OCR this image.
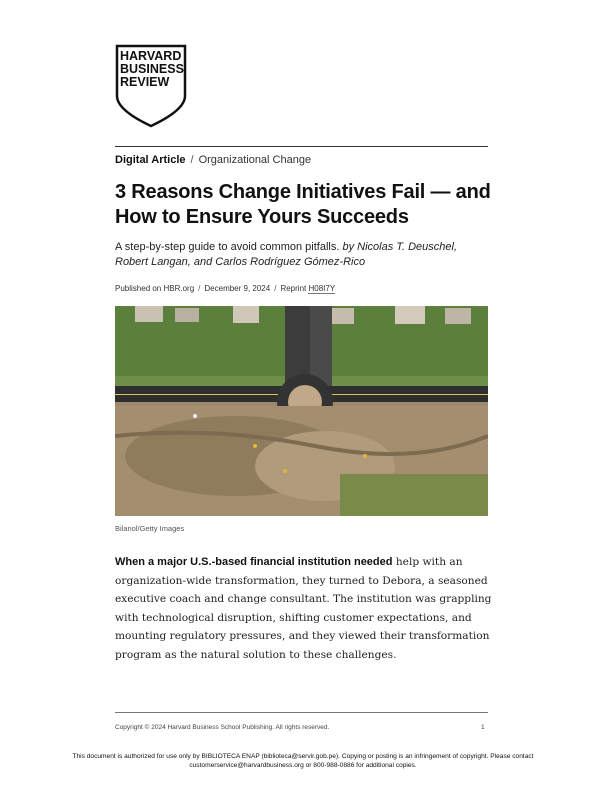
HARVARD
BUSINESS
REVIEW
Digital Article / Organizational Change
3 Reasons Change Initiatives Fail — and How to Ensure Yours Succeeds
A step-by-step guide to avoid common pitfalls. by Nicolas T. Deuschel, Robert Langan, and Carlos Rodríguez Gómez-Rico
Published on HBR.org / December 9, 2024 / Reprint H08I7Y
Bilanol/Getty Images

When a major U.S.-based financial institution needed help with an organization-wide transformation, they turned to Debora, a seasoned executive coach and change consultant. The institution was grappling with technological disruption, shifting customer expectations, and mounting regulatory pressures, and they viewed their transformation program as the natural solution to these challenges.

Copyright © 2024 Harvard Business School Publishing. All rights reserved.	1
This document is authorized for use only by BIBLIOTECA ENAP (biblioteca@servir.gob.pe). Copying or posting is an infringement of copyright. Please contact
customerservice@harvardbusiness.org or 800-988-0886 for additional copies.
